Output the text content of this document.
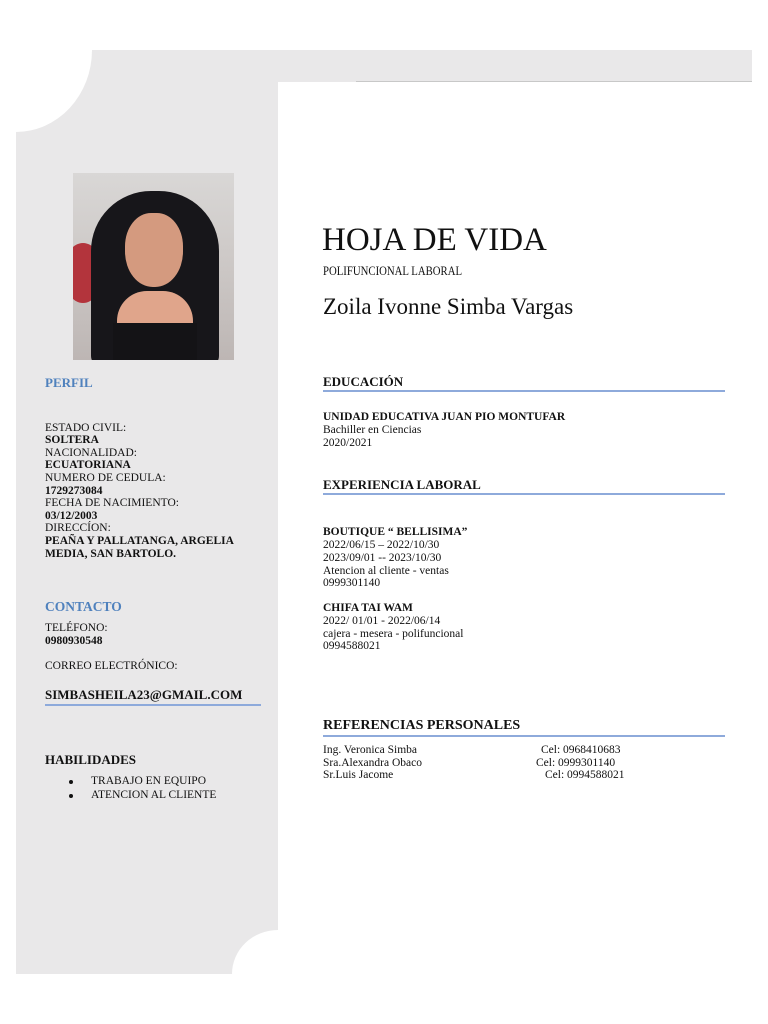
HOJA DE VIDA
POLIFUNCIONAL LABORAL
Zoila Ivonne Simba Vargas
PERFIL
ESTADO CIVIL:
SOLTERA
NACIONALIDAD:
ECUATORIANA
NUMERO DE CEDULA:
1729273084
FECHA DE NACIMIENTO:
03/12/2003
DIRECCÍON:
PEAÑA Y PALLATANGA, ARGELIA
MEDIA, SAN BARTOLO.
CONTACTO
TELÉFONO:
0980930548
CORREO ELECTRÓNICO:
SIMBASHEILA23@GMAIL.COM
HABILIDADES
TRABAJO EN EQUIPO
ATENCION AL CLIENTE
EDUCACIÓN
UNIDAD EDUCATIVA JUAN PIO MONTUFAR
Bachiller en Ciencias
2020/2021
EXPERIENCIA LABORAL
BOUTIQUE “ BELLISIMA”
2022/06/15 – 2022/10/30
2023/09/01 -- 2023/10/30
Atencion al cliente - ventas
0999301140
CHIFA TAI WAM
2022/ 01/01 - 2022/06/14
cajera - mesera - polifuncional
0994588021
REFERENCIAS PERSONALES
Ing. Veronica Simba	Cel: 0968410683
Sra.Alexandra Obaco	Cel: 0999301140
Sr.Luis Jacome	Cel: 0994588021
